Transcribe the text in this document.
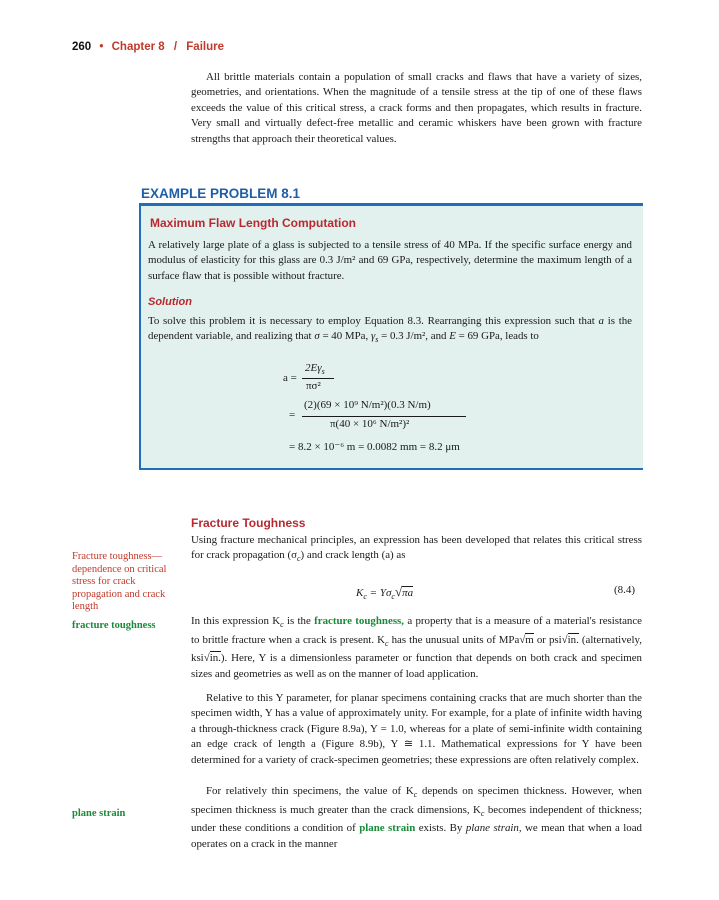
260 • Chapter 8 / Failure

All brittle materials contain a population of small cracks and flaws that have a variety of sizes, geometries, and orientations. When the magnitude of a tensile stress at the tip of one of these flaws exceeds the value of this critical stress, a crack forms and then propagates, which results in fracture. Very small and virtually defect-free metallic and ceramic whiskers have been grown with fracture strengths that approach their theoretical values.

EXAMPLE PROBLEM 8.1
Maximum Flaw Length Computation
A relatively large plate of a glass is subjected to a tensile stress of 40 MPa. If the specific surface energy and modulus of elasticity for this glass are 0.3 J/m² and 69 GPa, respectively, determine the maximum length of a surface flaw that is possible without fracture.
Solution
To solve this problem it is necessary to employ Equation 8.3. Rearranging this expression such that a is the dependent variable, and realizing that σ = 40 MPa, $\gamma_s = 0.3$ J/m², and E = 69 GPa, leads to
a =
$2E\gamma_s$
πσ²
=
(2)(69 × 10⁹ N/m²)(0.3 N/m)
π(40 × 10⁶ N/m²)²
= 8.2 × 10⁻⁶ m = 0.0082 mm = 8.2 μm
Fracture Toughness
Fracture toughness—dependence on critical stress for crack propagation and crack length
fracture toughness
plane strain

Using fracture mechanical principles, an expression has been developed that relates this critical stress for crack propagation $(\sigma_c)$ and crack length (a) as

$K_c = Y\sigma_c√\pi a$	(8.4)

In this expression $K_c$ is the fracture toughness, a property that is a measure of a material's resistance to brittle fracture when a crack is present. $K_c$ has the unusual units of MPa√m or psi√in. (alternatively, ksi√in.). Here, Y is a dimensionless parameter or function that depends on both crack and specimen sizes and geometries as well as on the manner of load application.

Relative to this Y parameter, for planar specimens containing cracks that are much shorter than the specimen width, Y has a value of approximately unity. For example, for a plate of infinite width having a through-thickness crack (Figure 8.9a), Y = 1.0, whereas for a plate of semi-infinite width containing an edge crack of length a (Figure 8.9b), Y ≅ 1.1. Mathematical expressions for Y have been determined for a variety of crack-specimen geometries; these expressions are often relatively complex.

For relatively thin specimens, the value of $K_c$ depends on specimen thickness. However, when specimen thickness is much greater than the crack dimensions, $K_c$ becomes independent of thickness; under these conditions a condition of plane strain exists. By plane strain, we mean that when a load operates on a crack in the manner
